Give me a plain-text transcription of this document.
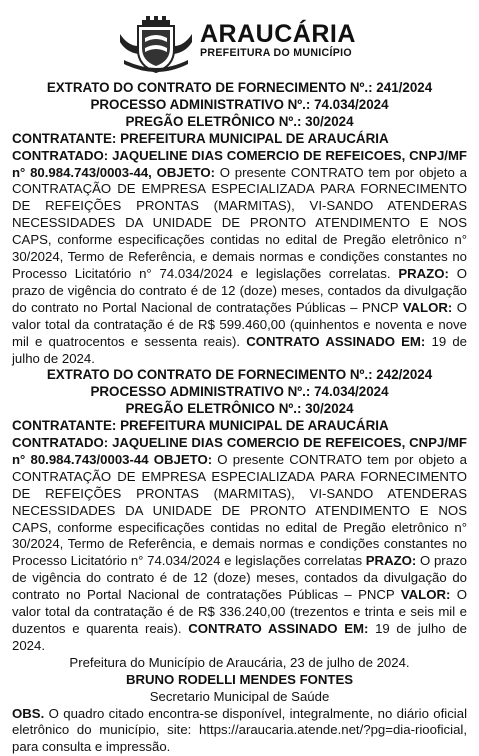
ARAUCÁRIA
PREFEITURA DO MUNICÍPIO

EXTRATO DO CONTRATO DE FORNECIMENTO Nº.: 241/2024

PROCESSO ADMINISTRATIVO Nº.: 74.034/2024

PREGÃO ELETRÔNICO Nº.: 30/2024

CONTRATANTE: PREFEITURA MUNICIPAL DE ARAUCÁRIA

CONTRATADO: JAQUELINE DIAS COMERCIO DE REFEICOES, CNPJ/MF n° 80.984.743/0003-44, OBJETO: O presente CONTRATO tem por objeto a CONTRATAÇÃO DE EMPRESA ESPECIALIZADA PARA FORNECIMENTO DE REFEIÇÕES PRONTAS (MARMITAS), VI-SANDO ATENDERAS NECESSIDADES DA UNIDADE DE PRONTO ATENDIMENTO E NOS CAPS, conforme especificações contidas no edital de Pregão eletrônico n° 30/2024, Termo de Referência, e demais normas e condições constantes no Processo Licitatório n° 74.034/2024 e legislações correlatas. PRAZO: O prazo de vigência do contrato é de 12 (doze) meses, contados da divulgação do contrato no Portal Nacional de contratações Públicas – PNCP VALOR: O valor total da contratação é de R$ 599.460,00 (quinhentos e noventa e nove mil e quatrocentos e sessenta reais). CONTRATO ASSINADO EM: 19 de julho de 2024.

EXTRATO DO CONTRATO DE FORNECIMENTO Nº.: 242/2024

PROCESSO ADMINISTRATIVO Nº.: 74.034/2024

PREGÃO ELETRÔNICO Nº.: 30/2024

CONTRATANTE: PREFEITURA MUNICIPAL DE ARAUCÁRIA

CONTRATADO: JAQUELINE DIAS COMERCIO DE REFEICOES, CNPJ/MF n° 80.984.743/0003-44 OBJETO: O presente CONTRATO tem por objeto a CONTRATAÇÃO DE EMPRESA ESPECIALIZADA PARA FORNECIMENTO DE REFEIÇÕES PRONTAS (MARMITAS), VI-SANDO ATENDERAS NECESSIDADES DA UNIDADE DE PRONTO ATENDIMENTO E NOS CAPS, conforme especificações contidas no edital de Pregão eletrônico n° 30/2024, Termo de Referência, e demais normas e condições constantes no Processo Licitatório n° 74.034/2024 e legislações correlatas PRAZO: O prazo de vigência do contrato é de 12 (doze) meses, contados da divulgação do contrato no Portal Nacional de contratações Públicas – PNCP VALOR: O valor total da contratação é de R$ 336.240,00 (trezentos e trinta e seis mil e duzentos e quarenta reais). CONTRATO ASSINADO EM: 19 de julho de 2024.

Prefeitura do Município de Araucária, 23 de julho de 2024.

BRUNO RODELLI MENDES FONTES

Secretario Municipal de Saúde

OBS. O quadro citado encontra-se disponível, integralmente, no diário oficial eletrônico do município, site: https://araucaria.atende.net/?pg=dia-riooficial, para consulta e impressão.
